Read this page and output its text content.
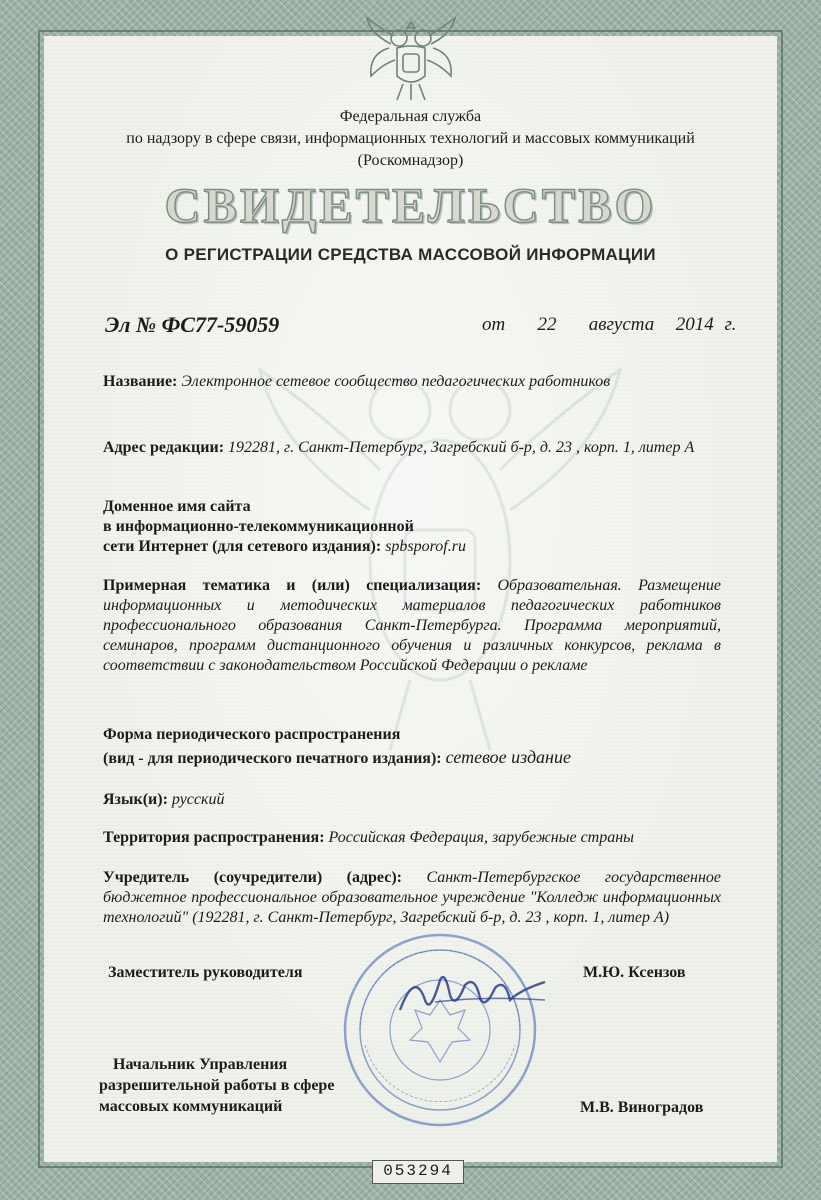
Федеральная служба
по надзору в сфере связи, информационных технологий и массовых коммуникаций
(Роскомнадзор)
СВИДЕТЕЛЬСТВО
О РЕГИСТРАЦИИ СРЕДСТВА МАССОВОЙ ИНФОРМАЦИИ
Эл № ФС77-59059	от   22   августа  2014 г.
Название: Электронное сетевое сообщество педагогических работников
Адрес редакции: 192281, г. Санкт-Петербург, Загребский б-р, д. 23 , корп. 1, литер А
Доменное имя сайта
в информационно-телекоммуникационной
сети Интернет (для сетевого издания): spbsporof.ru
Примерная тематика и (или) специализация: Образовательная. Размещение информационных и методических материалов педагогических работников профессионального образования Санкт-Петербурга. Программа мероприятий, семинаров, программ дистанционного обучения и различных конкурсов, реклама в соответствии с законодательством Российской Федерации о рекламе
Форма периодического распространения
(вид - для периодического печатного издания): сетевое издание
Язык(и): русский
Территория распространения: Российская Федерация, зарубежные страны
Учредитель (соучредители) (адрес): Санкт-Петербургское государственное бюджетное профессиональное образовательное учреждение "Колледж информационных технологий" (192281, г. Санкт-Петербург, Загребский б-р, д. 23 , корп. 1, литер А)
Заместитель руководителя	М.Ю. Ксензов
Начальник Управления
разрешительной работы в сфере
массовых коммуникаций	М.В. Виноградов
053294
